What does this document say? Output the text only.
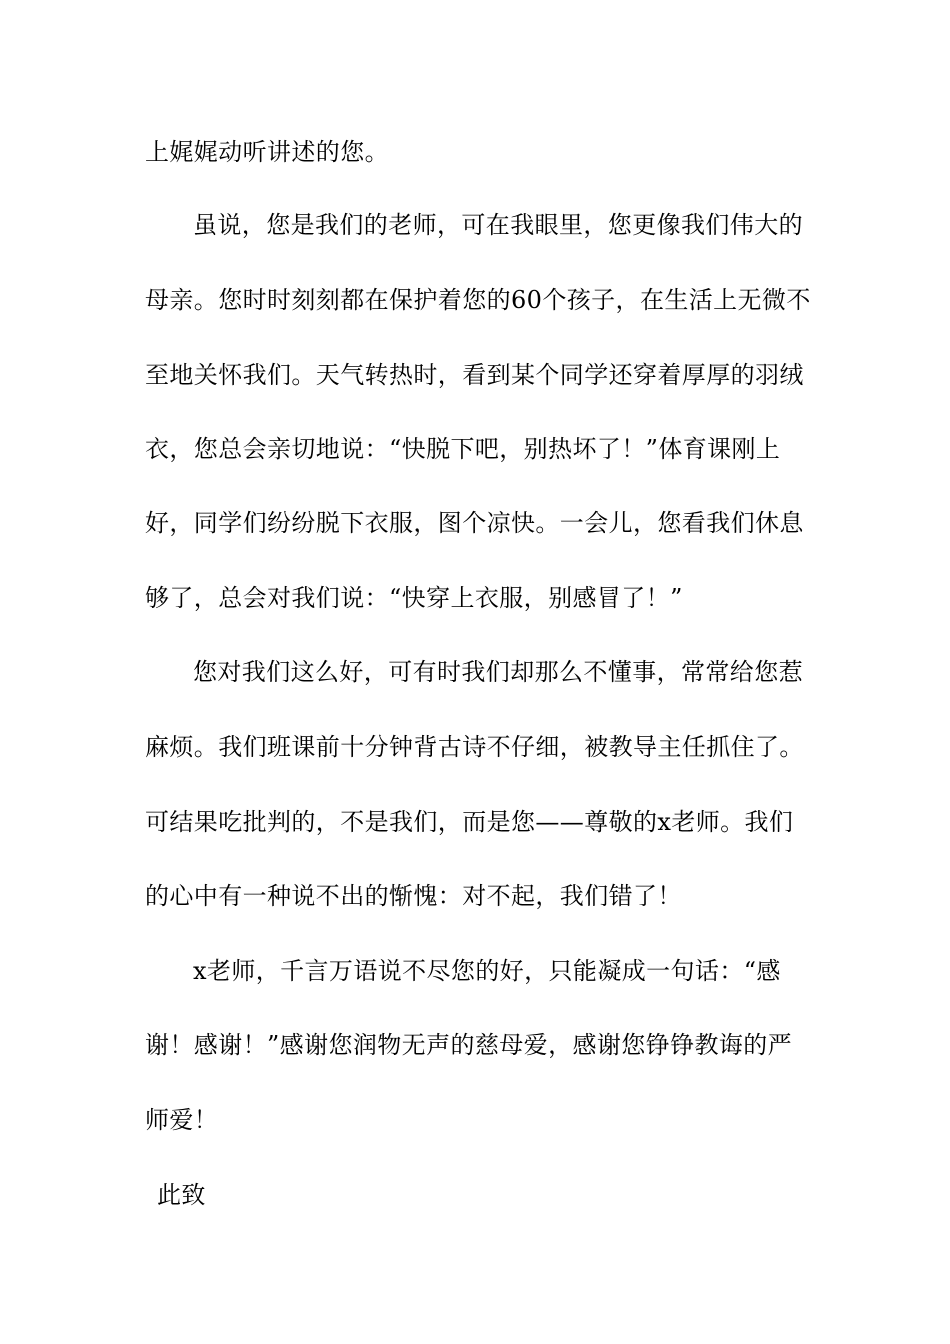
上娓娓动听讲述的您。
虽说，您是我们的老师，可在我眼里，您更像我们伟大的
母亲。您时时刻刻都在保护着您的60个孩子，在生活上无微不
至地关怀我们。天气转热时，看到某个同学还穿着厚厚的羽绒
衣，您总会亲切地说：“快脱下吧，别热坏了！”体育课刚上
好，同学们纷纷脱下衣服，图个凉快。一会儿，您看我们休息
够了，总会对我们说：“快穿上衣服，别感冒了！”
您对我们这么好，可有时我们却那么不懂事，常常给您惹
麻烦。我们班课前十分钟背古诗不仔细，被教导主任抓住了。
可结果吃批判的，不是我们，而是您——尊敬的x老师。我们
的心中有一种说不出的惭愧：对不起，我们错了！
x老师，千言万语说不尽您的好，只能凝成一句话：“感
谢！感谢！”感谢您润物无声的慈母爱，感谢您铮铮教诲的严
师爱！
此致
